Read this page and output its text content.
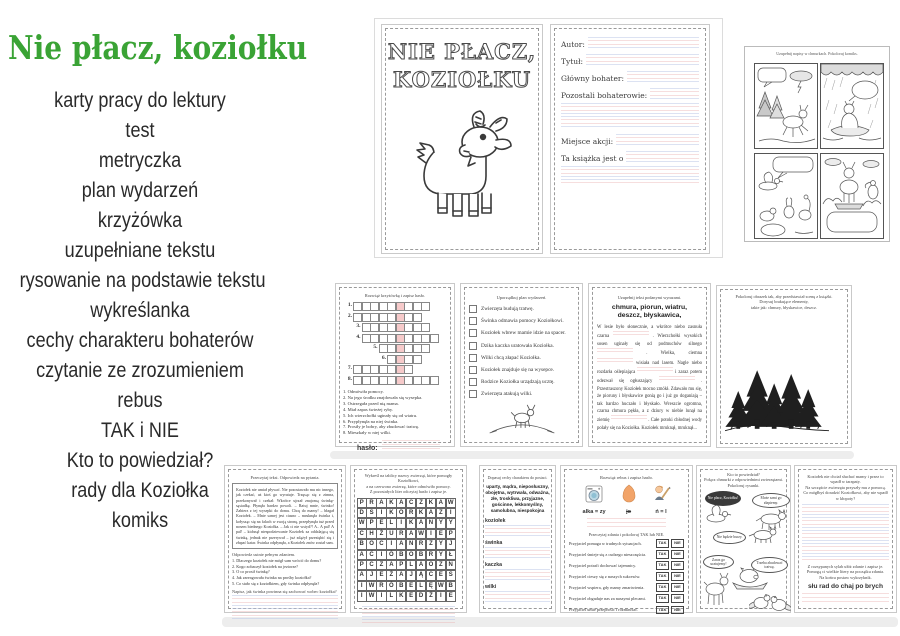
Nie płacz, koziołku
karty pracy do lektury
test
metryczka
plan wydarzeń
krzyżówka
uzupełniane tekstu
rysowanie na podstawie tekstu
wykreślanka
cechy charakteru bohaterów
czytanie ze zrozumieniem
rebus
TAK i NIE
Kto to powiedział?
rady dla Koziołka
komiks
NIE PŁACZ,
KOZIOŁKU
Autor:
Tytuł:
Główny bohater:
Pozostali bohaterowie:
Miejsce akcji:
Ta książka jest o
Uzupełnij napisy w chmurkach. Pokoloruj komiks.
Rozwiąż krzyżówkę i zapisz hasło.
1.
2.
3.
4.
5.
6.
7.
8.
1. Odmówiła pomocy.
2. Na jego środku znajdowała się wysepka.
3. Ostrzegała przed nią mama.
4. Miał zapas świeżej ryby.
5. Ich wierzchołki uginały się od wiatru.
6. Przypłynęła na niej świnka.
7. Prosiły je bobry, aby zbudować tratwę.
8. Mieszkały w niej wilki.
hasło:
Uporządkuj plan wydarzeń.
Zwierzęta budują tratwę.
Świnka odmawia pomocy Koziołkowi.
Koziołek wbrew mamie idzie na spacer.
Dzika kaczka uratowała Koziołka.
Wilki chcą złapać Koziołka.
Koziołek znajduje się na wysepce.
Rodzice Koziołka urządzają ucztę.
Zwierzęta atakują wilki.
Uzupełnij tekst podanymi wyrazami.
chmura, piorun, wiatru,
deszcz, błyskawica,
W lesie było słonecznie, a wkrótce niebo zasnuła czarna	. Wierzchołki wysokich sosen uginały się od podmuchów silnego  . Wielka, ciemna  wisiała nad lasem. Nagle niebo rozdarła oślepiająca	i zaraz potem odezwał się ogłuszający	. Przestraszony Koziołek mocno zmókł. Zdawało mu się, że pioruny i błyskawice gonią go i już go doganiają – tak bardzo huczało i błyskało. Wreszcie ogromna, czarna chmura pękła, a z dziury w niebie lunął na ziemię	. Całe potoki chłodnej wody polały się na Koziołka. Koziołek mruknął, mruknął...
Pokoloruj obrazek tak, aby przedstawiał scenę z książki.
Dorysuj brakujące elementy,
takie jak: chmury, błyskawice, deszcz.
Przeczytaj tekst. Odpowiedz na pytania.
Koziołek nie umiał pływać. Nie pozostawało mu nic innego, jak czekać, aż ktoś go wyratuje. Trzęsąc się z zimna, przekonywał i czekał. Wkrótce ujrzał znajomą świnkę-sąsiadkę. Płynęła bardzo powoli. – Ratuj mnie, świnko! Zabierz z tej wysepki do domu. Chcę do mamy! – błagał Koziołek. – Mnie samej jest ciasno – mruknęła świnka i, kołysząc się na falach w swoją stronę, przepłynęła tuż przed nosem biednego Koziołka. – Jak ci nie wstyd?! A.. A pal! A pal! – kichnął niespodziewanie Koziołek za oddalającą się świnką, jednak nie przerywał – już zdążył przeziębić się i złapać katar. Świnka odpłynęła, a Koziołek znów został sam.
Odpowiedz ustnie pełnym zdaniem.
1. Dlaczego koziołek nie mógł sam wrócić do domu?
2. Kogo zobaczył koziołek na jeziorze?
3. O co prosił świnkę?
4. Jak zareagowała świnka na prośby koziołka?
5. Co stało się z koziołkiem, gdy świnka odpłynęła?
Napisz, jak świnka powinna się zachować wobec koziołka?
Wykreśl na tablicy nazwy zwierząt, które pomogły Koziołkowi,
a na czerwono zwierzę, które odmówiło pomocy.
Z pozostałych liter odczytaj hasło i zapisz je.
P R A K A C Z K A W
D S I K O R K A Z I
W P E L I K A N Y Y
C H Ż U R A W I E P
B O C I A N R Z Y J
A Ć I Ó B O B R Y Ł
P C Z A P L A O Z N
A J E Ż A J Ą C E S
I W R Ó B E L Ę W B
I W I L K E D Ż I E
Dopasuj cechy charakteru do postaci.
uparty, mądra, nieposłuszny, obojętna, wytrwała, odważna, złe, troskliwa, przyjazne, gościnne, lekkomyślny, samolubna, niespokojna
koziołek
świnka
kaczka
wilki
Rozwiąż rebus i zapisz hasło.
alka = zy	jo	ń = l
Przeczytaj zdania i pokoloruj TAK lub NIE.
Przyjaciel pomaga w trudnych sytuacjach.	TAK	NIE
Przyjaciel śmieje się z cudzego nieszczęścia.	TAK	NIE
Przyjaciel potrafi dochować tajemnicy.	TAK	NIE
Przyjaciel cieszy się z naszych sukcesów.	TAK	NIE
Przyjaciel wspiera, gdy mamy zmartwienia.	TAK	NIE
Przyjaciel obgaduje nas za naszymi plecami.	TAK	NIE
Przyjaciel umie przeprosić i rozmawiać.	TAK	NIE
Kto to powiedział?
Połącz chmurki z odpowiednimi zwierzętami.
Pokoloruj rysunki.
Nie płacz, Koziołku!	Może sami go złapiemy.
Nie będzie burzy.
Zaraz go uratujemy!	Trzeba zbudować tratwę.
Koziołek nie chciał słuchać mamy i przez to wpadł w tarapaty.
Na szczęście zwierzęta przyszły mu z pomocą.
Co mógłbyś doradzić Koziołkowi, aby nie wpadł w kłopoty?
Z rozsypanych sylab ułóż zdanie i zapisz je.
Pomogą ci wielkie litery na początku zdania.
Na końcu postaw wykrzyknik.
słu rad do chaj po brych
